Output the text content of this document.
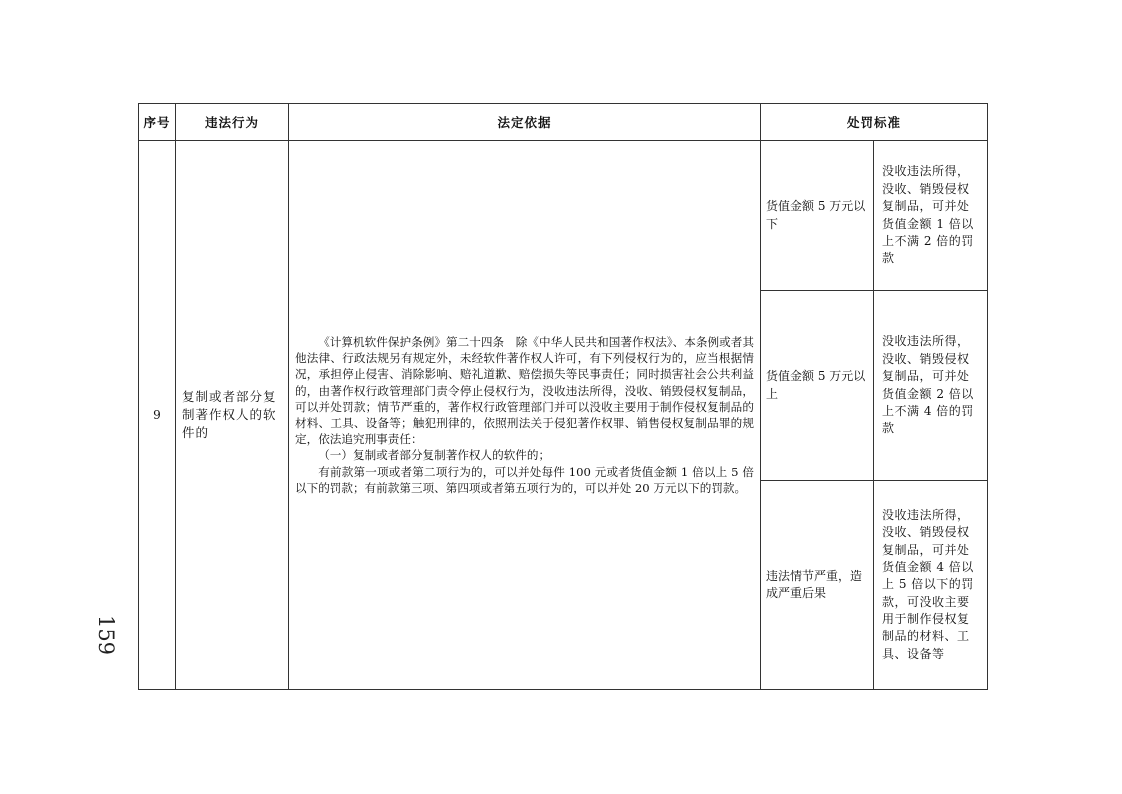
159
序号	违法行为	法定依据	处罚标准	
9	复制或者部分复制著作权人的软件的	《计算机软件保护条例》第二十四条　除《中华人民共和国著作权法》、本条例或者其他法律、行政法规另有规定外，未经软件著作权人许可，有下列侵权行为的，应当根据情况，承担停止侵害、消除影响、赔礼道歉、赔偿损失等民事责任；同时损害社会公共利益的，由著作权行政管理部门责令停止侵权行为，没收违法所得，没收、销毁侵权复制品，可以并处罚款；情节严重的，著作权行政管理部门并可以没收主要用于制作侵权复制品的材料、工具、设备等；触犯刑律的，依照刑法关于侵犯著作权罪、销售侵权复制品罪的规定，依法追究刑事责任：

（一）复制或者部分复制著作权人的软件的；

有前款第一项或者第二项行为的，可以并处每件 100 元或者货值金额 1 倍以上 5 倍以下的罚款；有前款第三项、第四项或者第五项行为的，可以并处 20 万元以下的罚款。	货值金额 5 万元以下	没收违法所得，没收、销毁侵权复制品，可并处货值金额 1 倍以上不满 2 倍的罚款
			货值金额 5 万元以上	没收违法所得，没收、销毁侵权复制品，可并处货值金额 2 倍以上不满 4 倍的罚款
			违法情节严重，造成严重后果	没收违法所得，没收、销毁侵权复制品，可并处货值金额 4 倍以上 5 倍以下的罚款，可没收主要用于制作侵权复制品的材料、工具、设备等
